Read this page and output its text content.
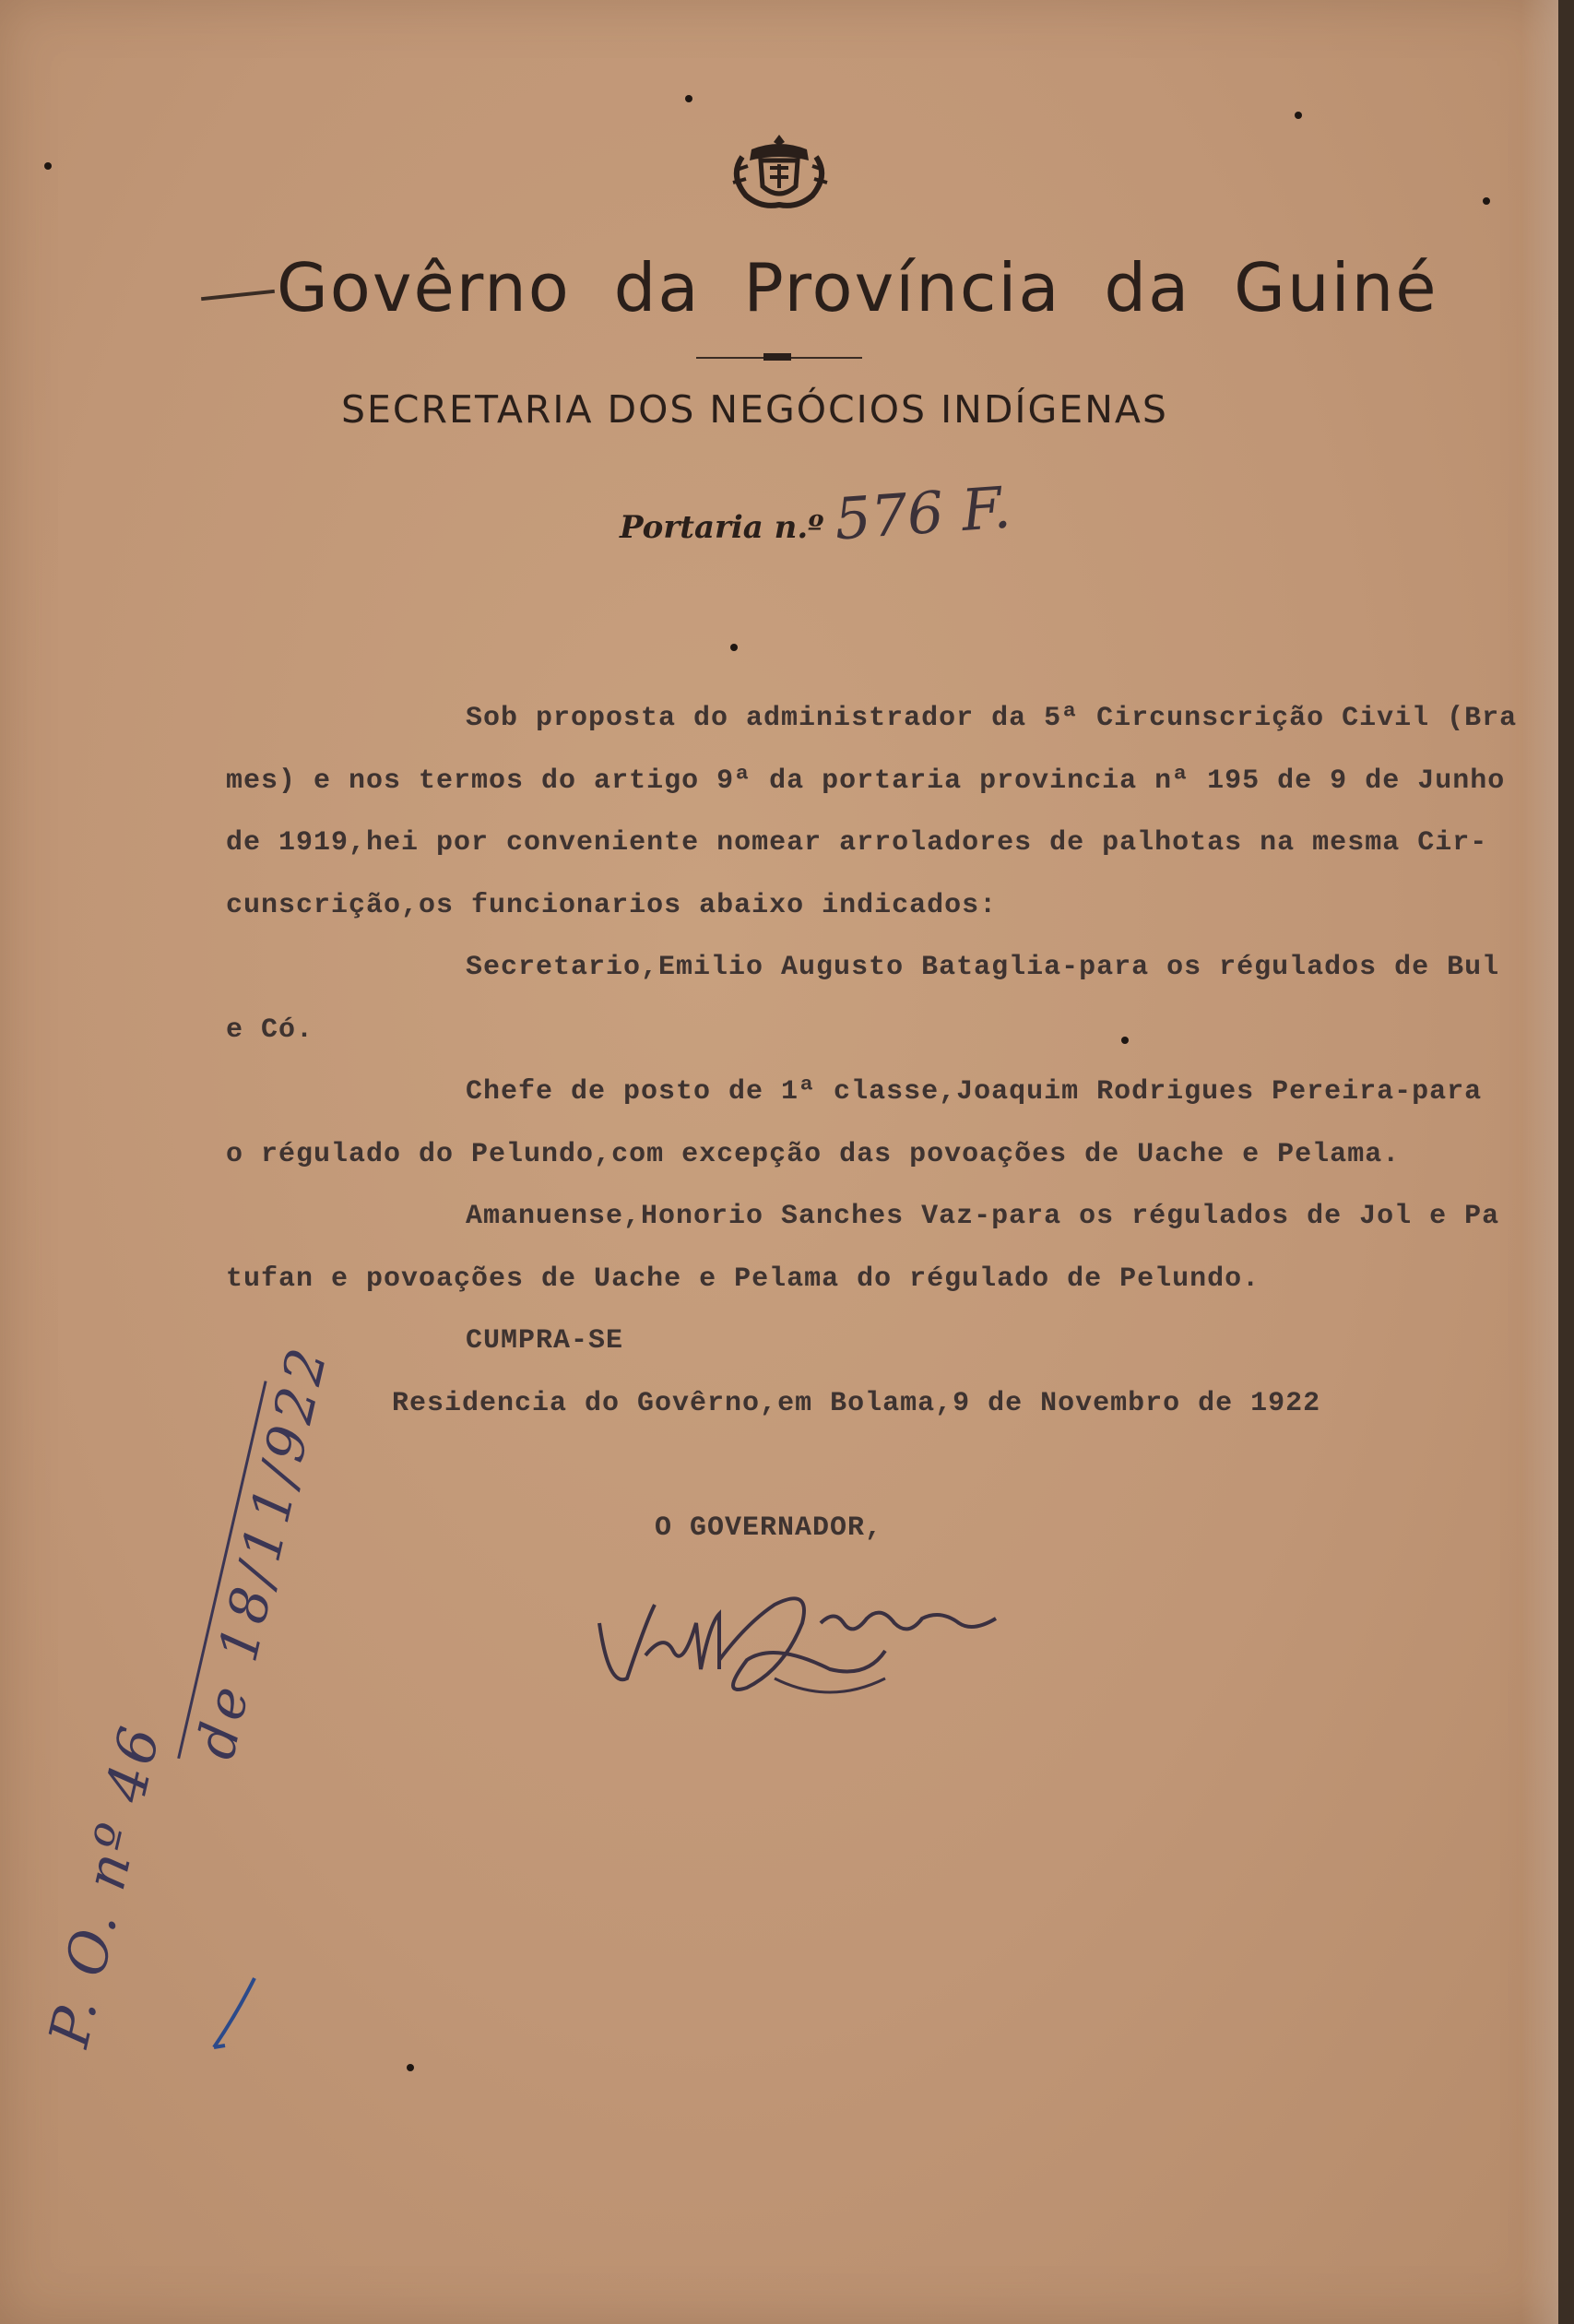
Govêrno da Província da Guiné
SECRETARIA DOS NEGÓCIOS INDÍGENAS
Portaria n.º 576 F.
Sob proposta do administrador da 5ª Circunscrição Civil (Bra
mes) e nos termos do artigo 9ª da portaria provincia nª 195 de 9 de Junho
de 1919,hei por conveniente nomear arroladores de palhotas na mesma Cir-
cunscrição,os funcionarios abaixo indicados:
Secretario,Emilio Augusto Bataglia-para os régulados de Bul
e Có.
Chefe de posto de 1ª classe,Joaquim Rodrigues Pereira-para
o régulado do Pelundo,com excepção das povoações de Uache e Pelama.
Amanuense,Honorio Sanches Vaz-para os régulados de Jol e Pa
tufan e povoações de Uache e Pelama do régulado de Pelundo.
CUMPRA-SE
Residencia do Govêrno,em Bolama,9 de Novembro de 1922
O GOVERNADOR,
P. O. nº 46
de 18/11/922
